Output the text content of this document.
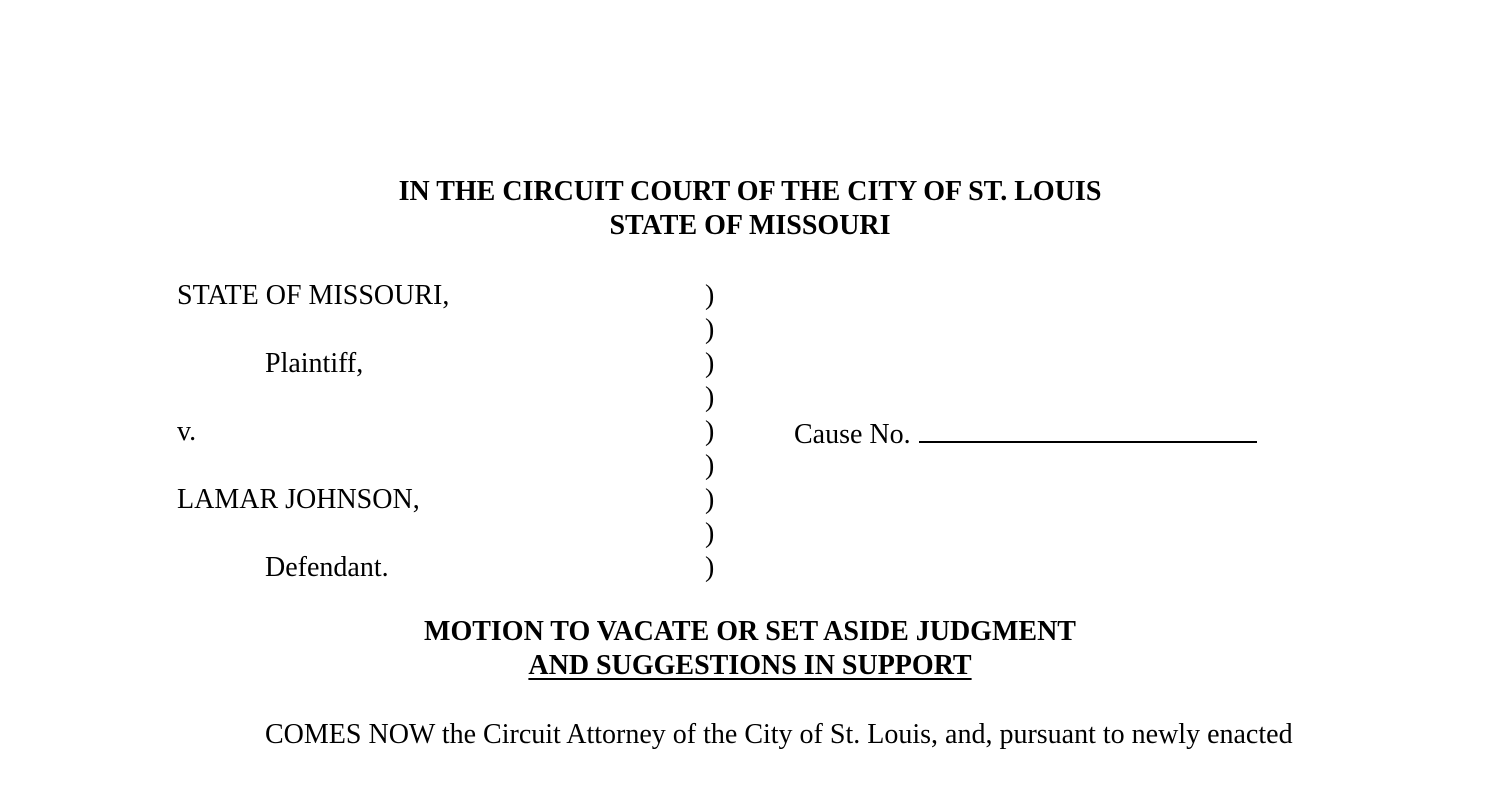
IN THE CIRCUIT COURT OF THE CITY OF ST. LOUIS
STATE OF MISSOURI
STATE OF MISSOURI,
Plaintiff,
v.
LAMAR JOHNSON,
Defendant.
)
)
)
)
)
)
)
)
)
Cause No.
MOTION TO VACATE OR SET ASIDE JUDGMENT
AND SUGGESTIONS IN SUPPORT
COMES NOW the Circuit Attorney of the City of St. Louis, and, pursuant to newly enacted
